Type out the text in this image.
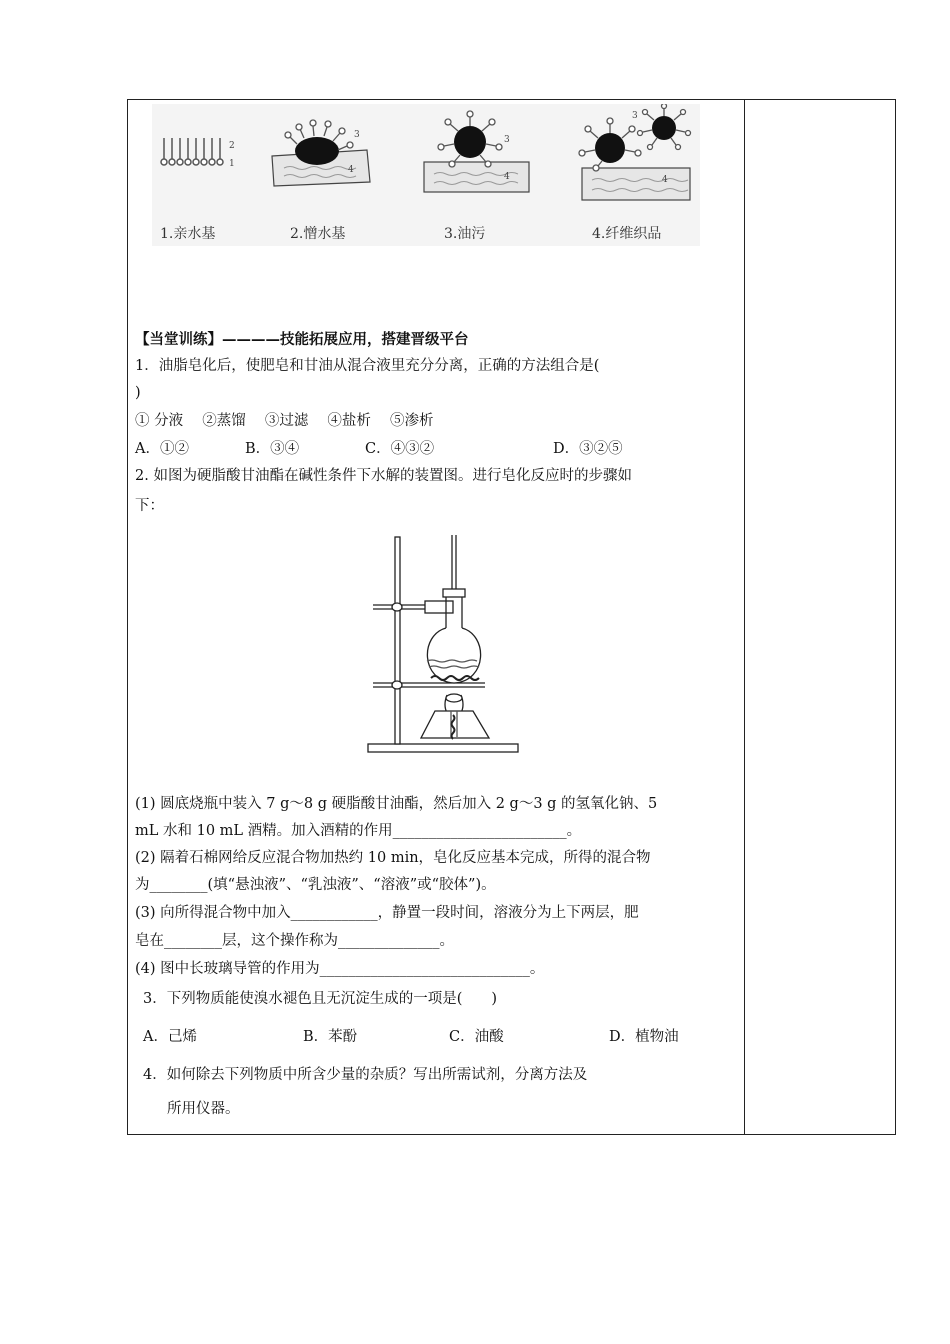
2
1
3
4
3
4
3
4
1.亲水基	2.憎水基	3.油污	4.纤维织品
【当堂训练】————技能拓展应用，搭建晋级平台
1．油脂皂化后，使肥皂和甘油从混合液里充分分离，正确的方法组合是(
)
① 分液　 ②蒸馏　 ③过滤　 ④盐析　 ⑤渗析
A．①②	B．③④	C．④③②	D．③②⑤
2. 如图为硬脂酸甘油酯在碱性条件下水解的装置图。进行皂化反应时的步骤如
下：
(1) 圆底烧瓶中装入 7 g～8 g 硬脂酸甘油酯，然后加入 2 g～3 g 的氢氧化钠、5
mL 水和 10 mL 酒精。加入酒精的作用________________________。
(2) 隔着石棉网给反应混合物加热约 10 min，皂化反应基本完成，所得的混合物
为________(填“悬浊液”、“乳浊液”、“溶液”或“胶体”)。
(3) 向所得混合物中加入____________，静置一段时间，溶液分为上下两层，肥
皂在________层，这个操作称为______________。
(4) 图中长玻璃导管的作用为_____________________________。
3．下列物质能使溴水褪色且无沉淀生成的一项是(　　)
A．己烯	B．苯酚	C．油酸	D．植物油
4．如何除去下列物质中所含少量的杂质？写出所需试剂，分离方法及
所用仪器。
